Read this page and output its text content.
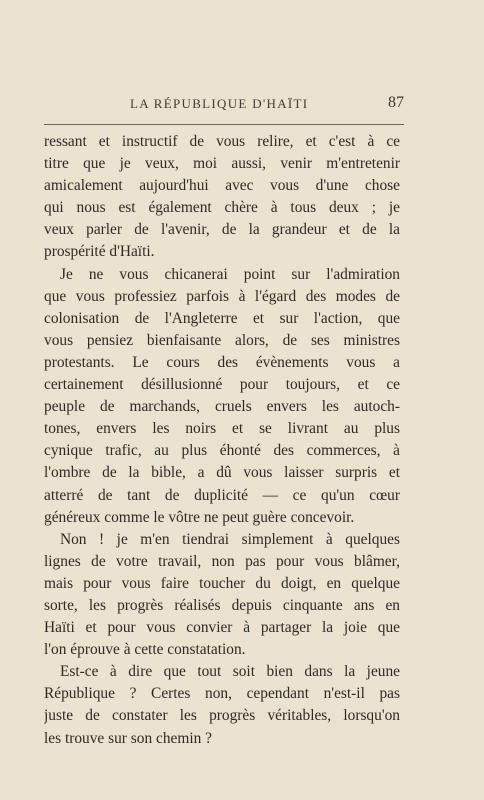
LA RÉPUBLIQUE D'HAÏTI	87
ressant et instructif de vous relire, et c'est à ce
titre que je veux, moi aussi, venir m'entretenir
amicalement aujourd'hui avec vous d'une chose
qui nous est également chère à tous deux ; je
veux parler de l'avenir, de la grandeur et de la
prospérité d'Haïti.
Je ne vous chicanerai point sur l'admiration
que vous professiez parfois à l'égard des modes de
colonisation de l'Angleterre et sur l'action, que
vous pensiez bienfaisante alors, de ses ministres
protestants. Le cours des évènements vous a
certainement désillusionné pour toujours, et ce
peuple de marchands, cruels envers les autoch-
tones, envers les noirs et se livrant au plus
cynique trafic, au plus éhonté des commerces, à
l'ombre de la bible, a dû vous laisser surpris et
atterré de tant de duplicité — ce qu'un cœur
généreux comme le vôtre ne peut guère concevoir.
Non ! je m'en tiendrai simplement à quelques
lignes de votre travail, non pas pour vous blâmer,
mais pour vous faire toucher du doigt, en quelque
sorte, les progrès réalisés depuis cinquante ans en
Haïti et pour vous convier à partager la joie que
l'on éprouve à cette constatation.
Est-ce à dire que tout soit bien dans la jeune
République ? Certes non, cependant n'est-il pas
juste de constater les progrès véritables, lorsqu'on
les trouve sur son chemin ?
